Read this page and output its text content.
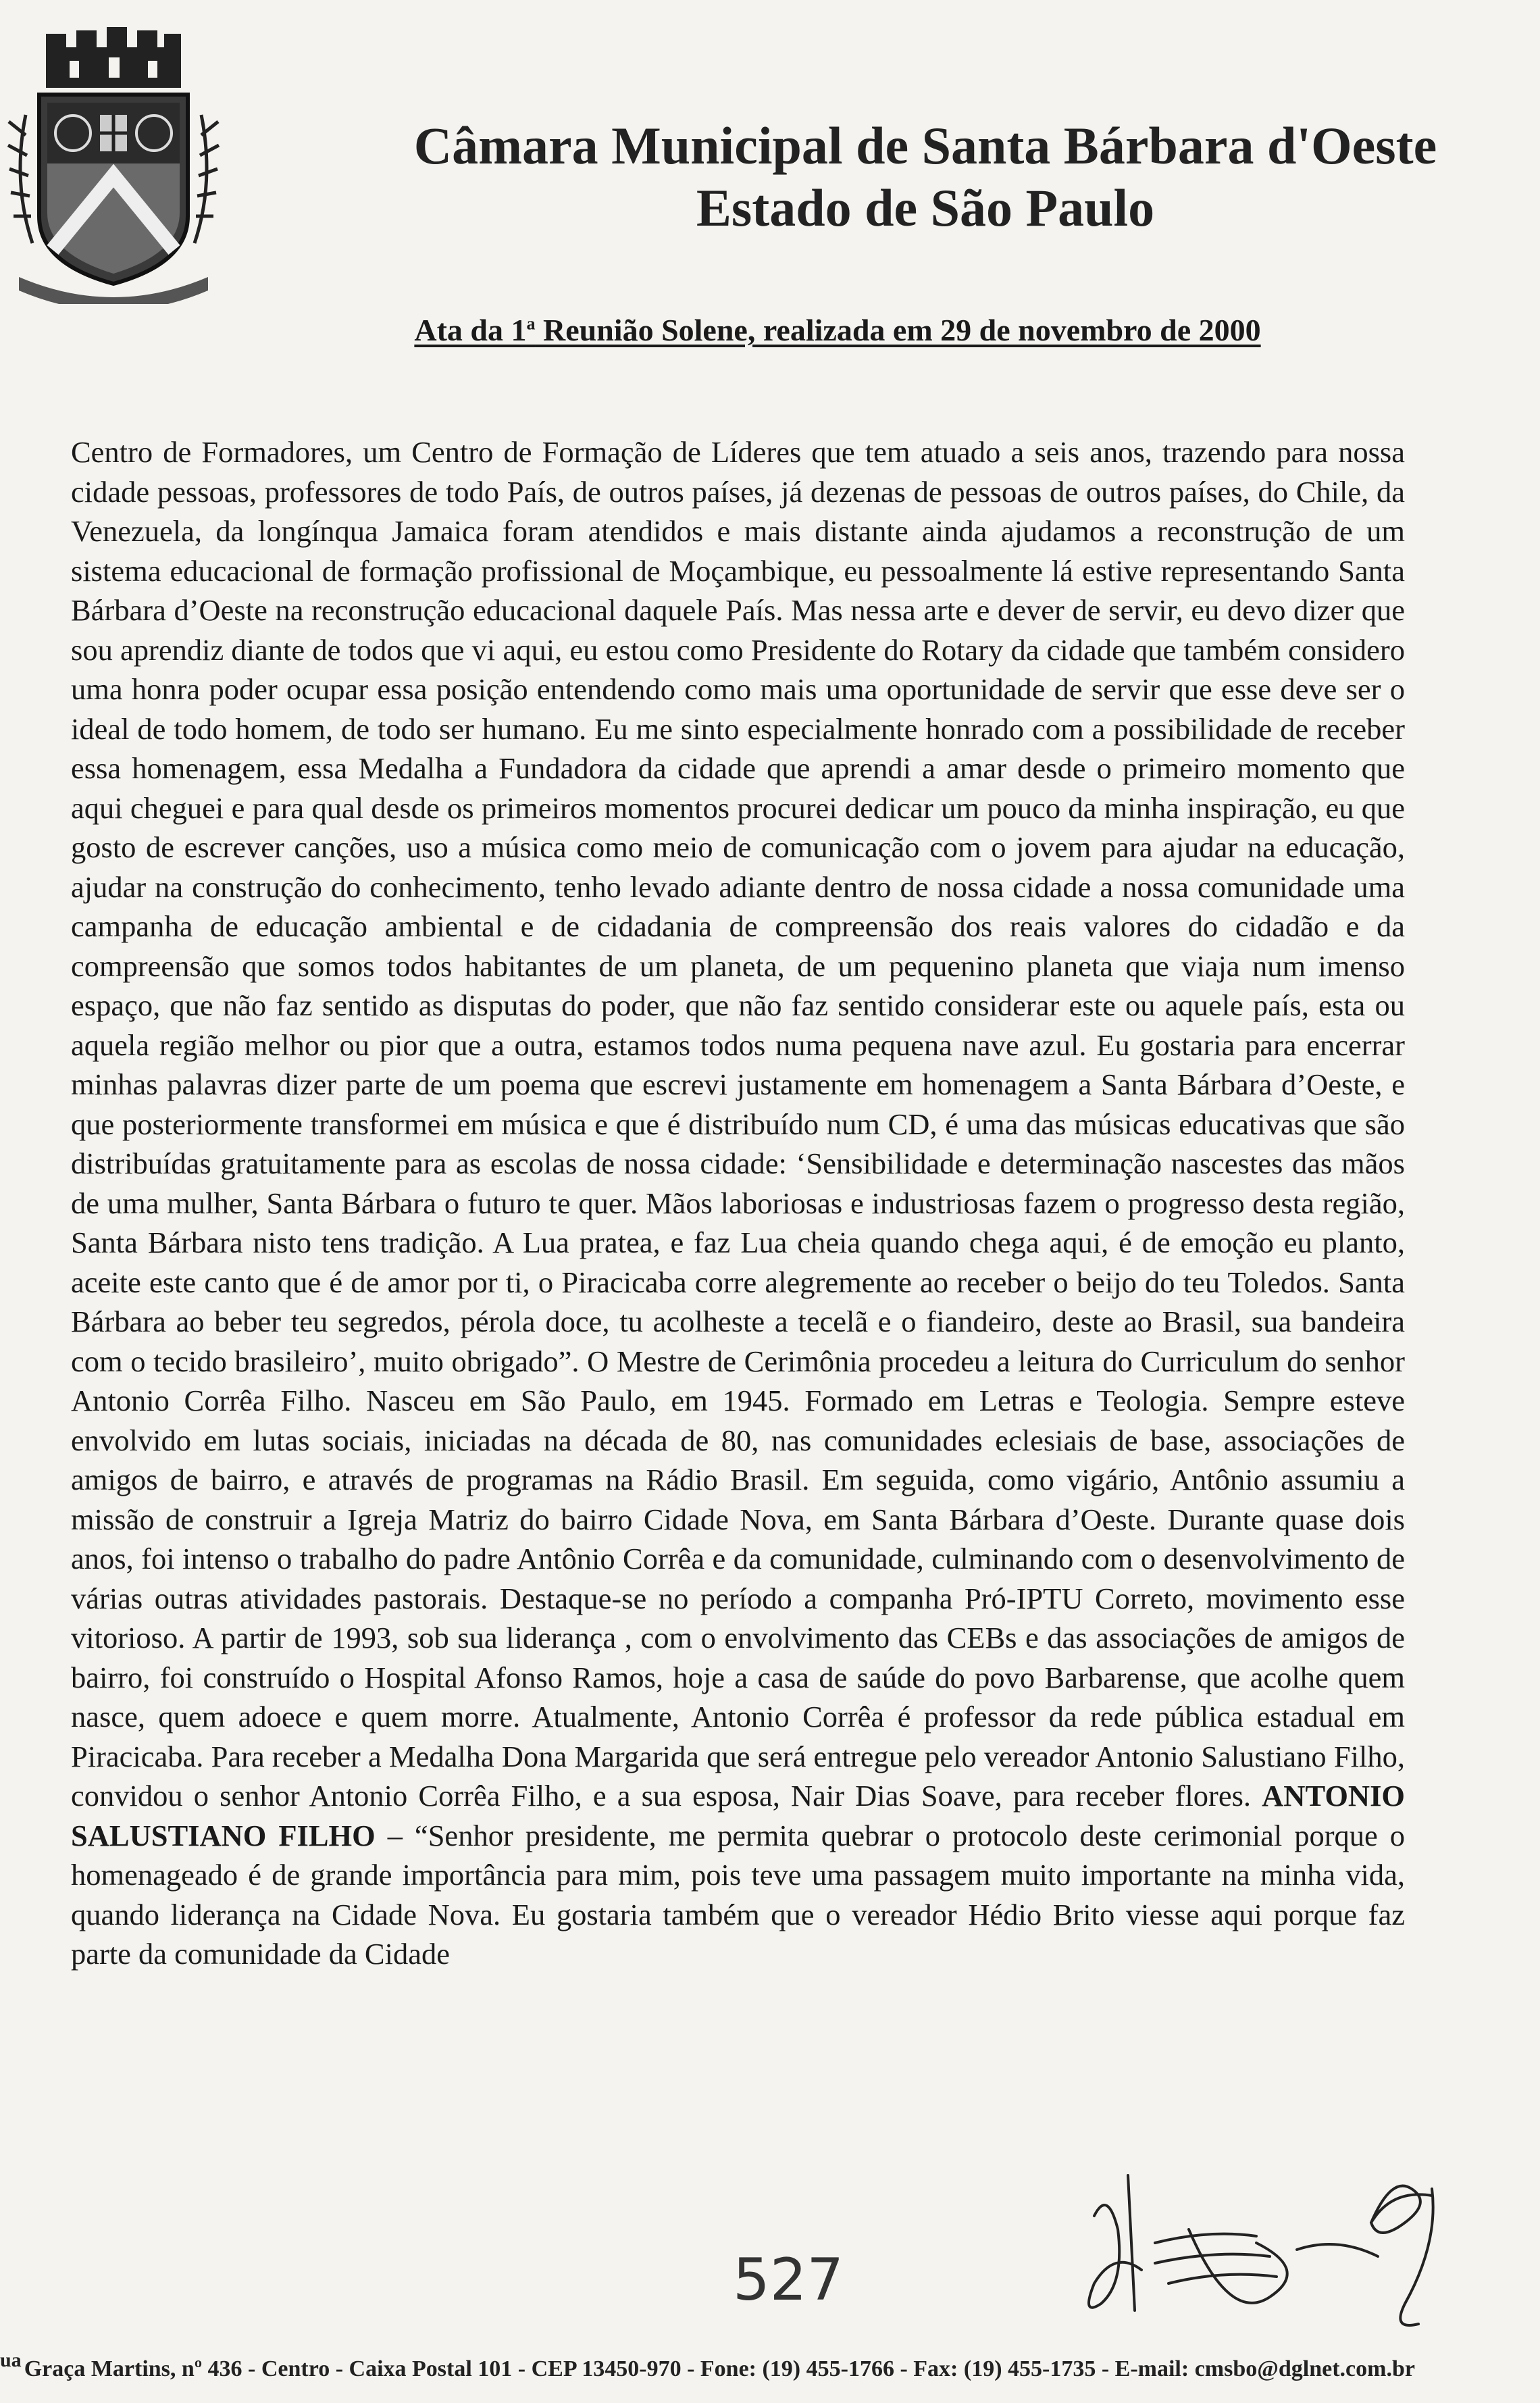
Câmara Municipal de Santa Bárbara d'Oeste
Estado de São Paulo
Ata da 1$^a$ Reunião Solene, realizada em 29 de novembro de 2000
Centro de Formadores, um Centro de Formação de Líderes que tem atuado a seis anos, trazendo para nossa cidade pessoas, professores de todo País, de outros países, já dezenas de pessoas de outros países, do Chile, da Venezuela, da longínqua Jamaica foram atendidos e mais distante ainda ajudamos a reconstrução de um sistema educacional de formação profissional de Moçambique, eu pessoalmente lá estive representando Santa Bárbara d’Oeste na reconstrução educacional daquele País. Mas nessa arte e dever de servir, eu devo dizer que sou aprendiz diante de todos que vi aqui, eu estou como Presidente do Rotary da cidade que também considero uma honra poder ocupar essa posição entendendo como mais uma oportunidade de servir que esse deve ser o ideal de todo homem, de todo ser humano. Eu me sinto especialmente honrado com a possibilidade de receber essa homenagem, essa Medalha a Fundadora da cidade que aprendi a amar desde o primeiro momento que aqui cheguei e para qual desde os primeiros momentos procurei dedicar um pouco da minha inspiração, eu que gosto de escrever canções, uso a música como meio de comunicação com o jovem para ajudar na educação, ajudar na construção do conhecimento, tenho levado adiante dentro de nossa cidade a nossa comunidade uma campanha de educação ambiental e de cidadania de compreensão dos reais valores do cidadão e da compreensão que somos todos habitantes de um planeta, de um pequenino planeta que viaja num imenso espaço, que não faz sentido as disputas do poder, que não faz sentido considerar este ou aquele país, esta ou aquela região melhor ou pior que a outra, estamos todos numa pequena nave azul. Eu gostaria para encerrar minhas palavras dizer parte de um poema que escrevi justamente em homenagem a Santa Bárbara d’Oeste, e que posteriormente transformei em música e que é distribuído num CD, é uma das músicas educativas que são distribuídas gratuitamente para as escolas de nossa cidade: ‘Sensibilidade e determinação nascestes das mãos de uma mulher, Santa Bárbara o futuro te quer. Mãos laboriosas e industriosas fazem o progresso desta região, Santa Bárbara nisto tens tradição. A Lua pratea, e faz Lua cheia quando chega aqui, é de emoção eu planto, aceite este canto que é de amor por ti, o Piracicaba corre alegremente ao receber o beijo do teu Toledos. Santa Bárbara ao beber teu segredos, pérola doce, tu acolheste a tecelã e o fiandeiro, deste ao Brasil, sua bandeira com o tecido brasileiro’, muito obrigado”. O Mestre de Cerimônia procedeu a leitura do Curriculum do senhor Antonio Corrêa Filho. Nasceu em São Paulo, em 1945. Formado em Letras e Teologia. Sempre esteve envolvido em lutas sociais, iniciadas na década de 80, nas comunidades eclesiais de base, associações de amigos de bairro, e através de programas na Rádio Brasil. Em seguida, como vigário, Antônio assumiu a missão de construir a Igreja Matriz do bairro Cidade Nova, em Santa Bárbara d’Oeste. Durante quase dois anos, foi intenso o trabalho do padre Antônio Corrêa e da comunidade, culminando com o desenvolvimento de várias outras atividades pastorais. Destaque-se no período a companha Pró-IPTU Correto, movimento esse vitorioso. A partir de 1993, sob sua liderança , com o envolvimento das CEBs e das associações de amigos de bairro, foi construído o Hospital Afonso Ramos, hoje a casa de saúde do povo Barbarense, que acolhe quem nasce, quem adoece e quem morre. Atualmente, Antonio Corrêa é professor da rede pública estadual em Piracicaba. Para receber a Medalha Dona Margarida que será entregue pelo vereador Antonio Salustiano Filho, convidou o senhor Antonio Corrêa Filho, e a sua esposa, Nair Dias Soave, para receber flores. ANTONIO SALUSTIANO FILHO – “Senhor presidente, me permita quebrar o protocolo deste cerimonial porque o homenageado é de grande importância para mim, pois teve uma passagem muito importante na minha vida, quando liderança na Cidade Nova. Eu gostaria também que o vereador Hédio Brito viesse aqui porque faz parte da comunidade da Cidade
527
ua Graça Martins, nº 436 - Centro - Caixa Postal 101 - CEP 13450-970 - Fone: (19) 455-1766 - Fax: (19) 455-1735 - E-mail: cmsbo@dglnet.com.br
